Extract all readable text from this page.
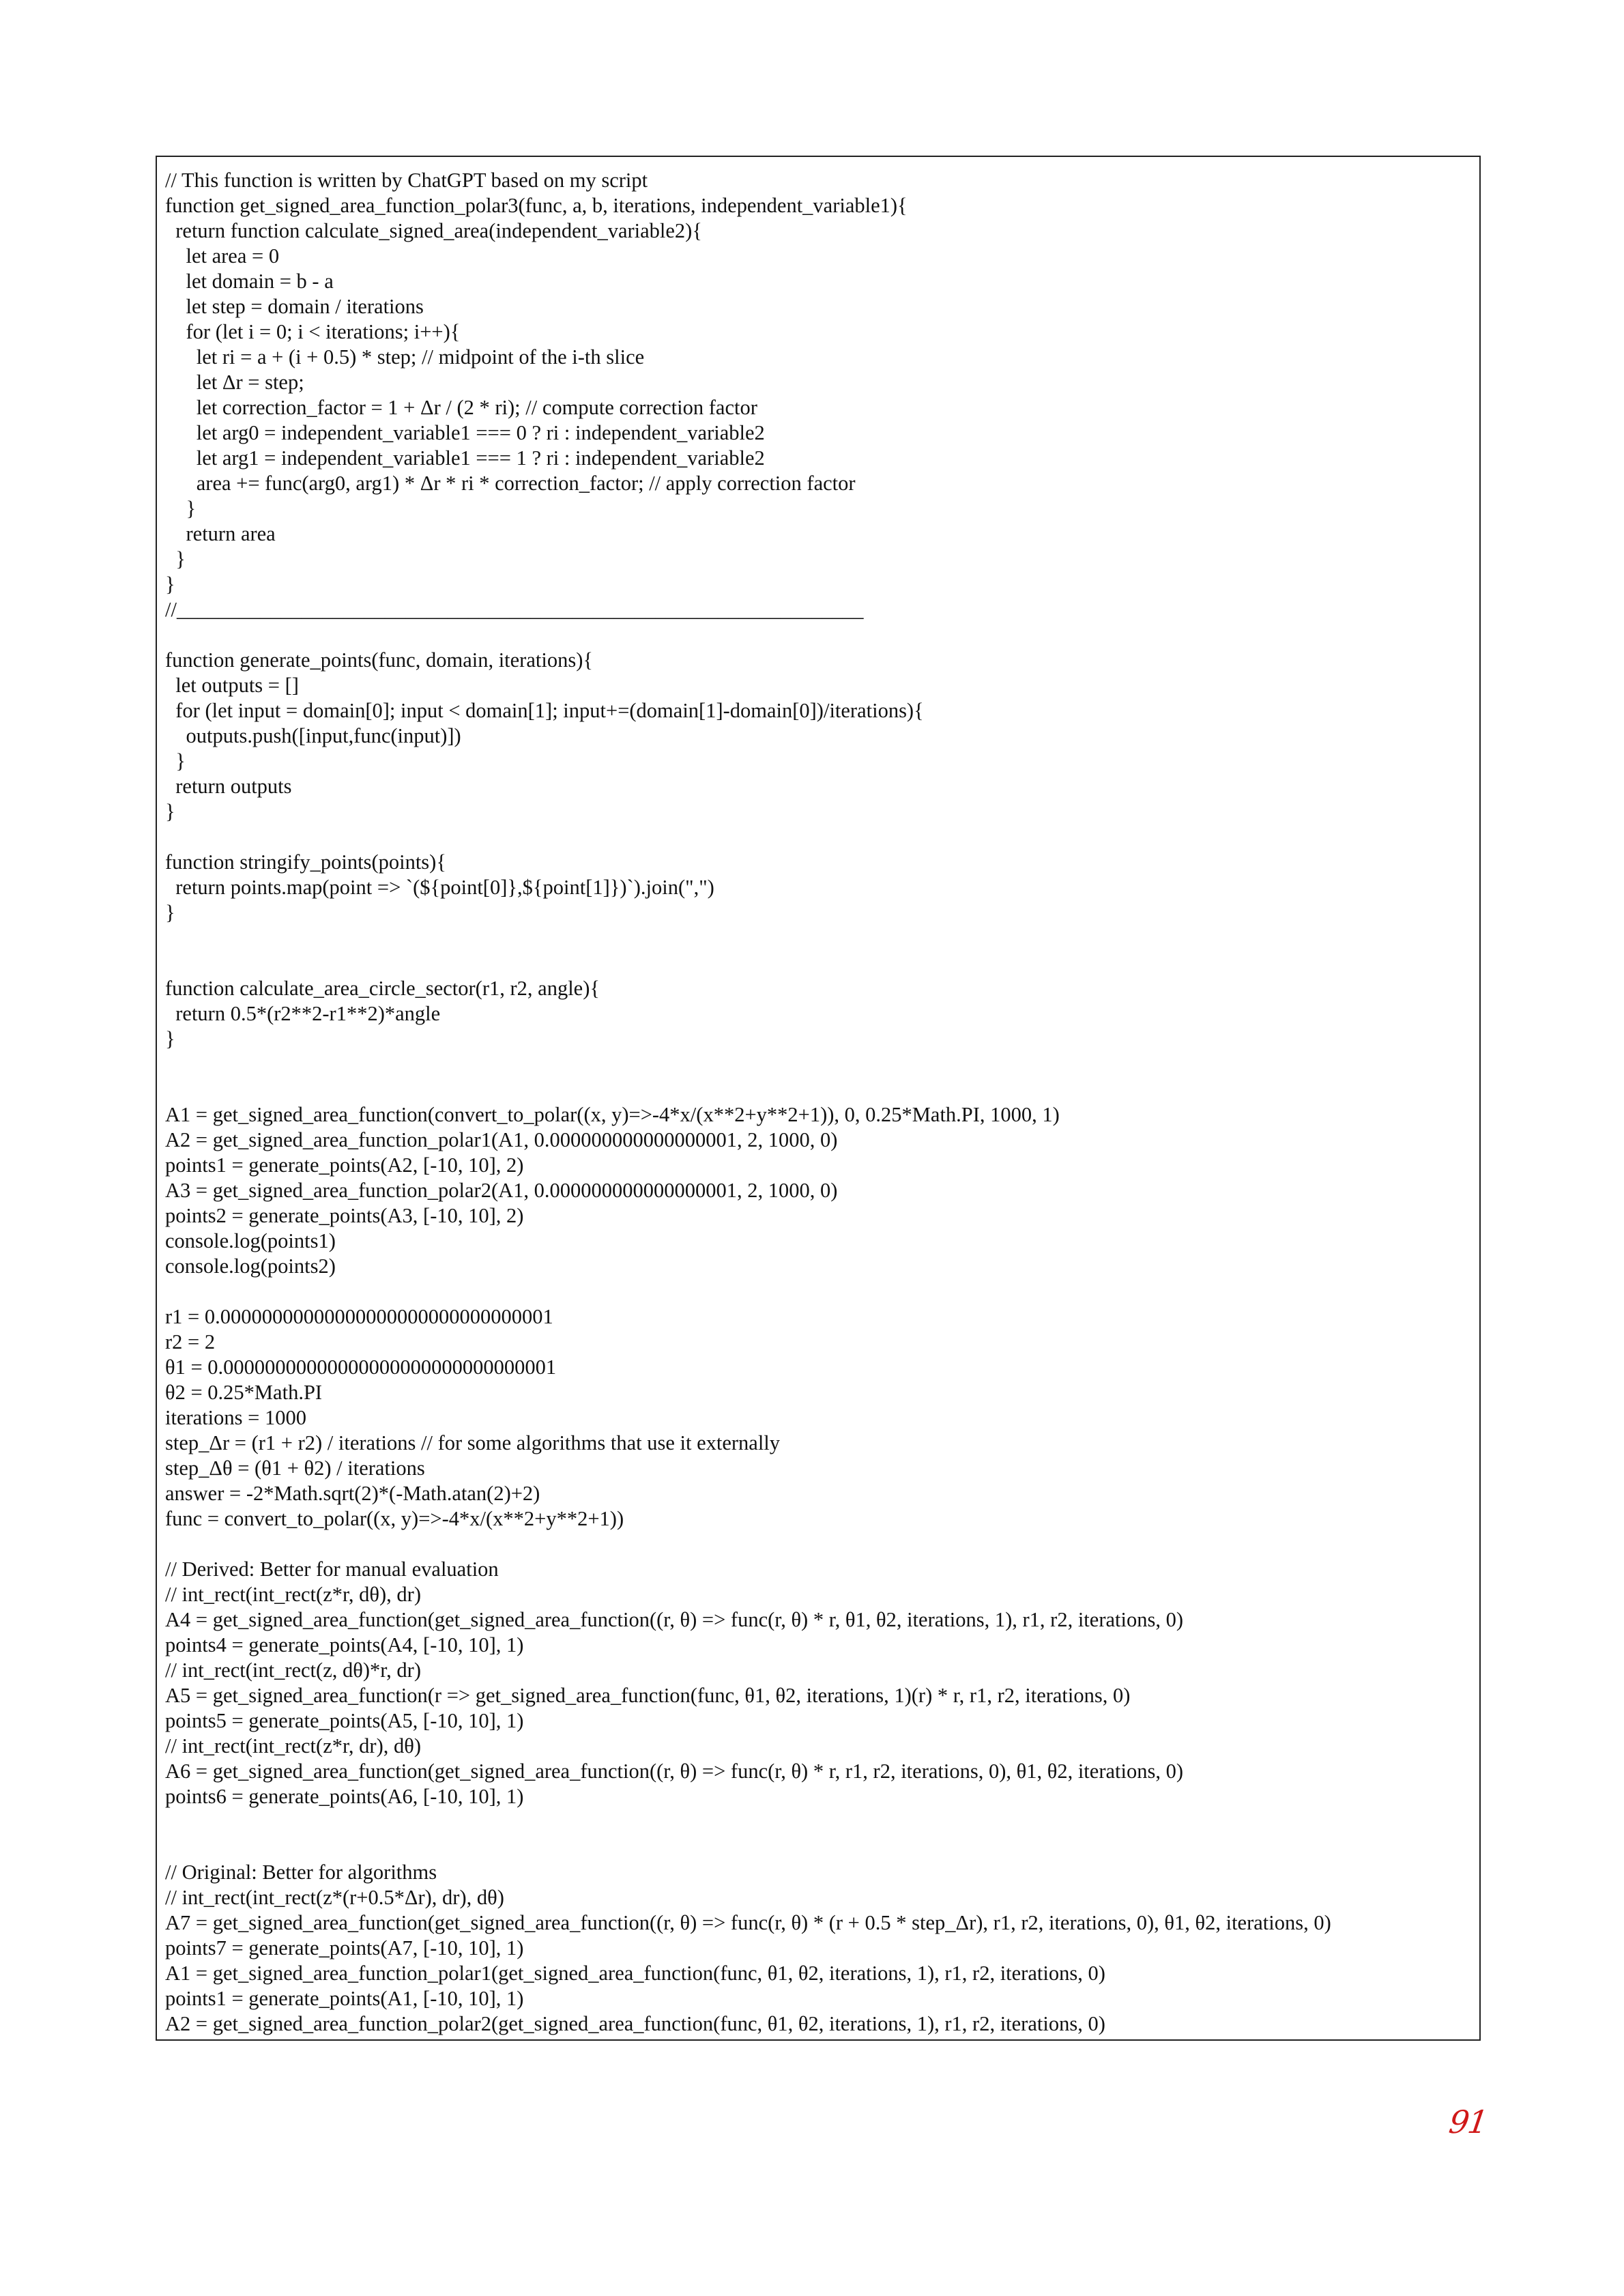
// This function is written by ChatGPT based on my script
function get_signed_area_function_polar3(func, a, b, iterations, independent_variable1){
return function calculate_signed_area(independent_variable2){
let area = 0
let domain = b - a
let step = domain / iterations
for (let i = 0; i < iterations; i++){
let ri = a + (i + 0.5) * step; // midpoint of the i-th slice
let Δr = step;
let correction_factor = 1 + Δr / (2 * ri); // compute correction factor
let arg0 = independent_variable1 === 0 ? ri : independent_variable2
let arg1 = independent_variable1 === 1 ? ri : independent_variable2
area += func(arg0, arg1) * Δr * ri * correction_factor; // apply correction factor
}
return area
}
}
//__________________________________________________________________

function generate_points(func, domain, iterations){
let outputs = []
for (let input = domain[0]; input < domain[1]; input+=(domain[1]-domain[0])/iterations){
outputs.push([input,func(input)])
}
return outputs
}

function stringify_points(points){
return points.map(point => `(${point[0]},${point[1]})`).join(",")
}

function calculate_area_circle_sector(r1, r2, angle){
return 0.5*(r2**2-r1**2)*angle
}

A1 = get_signed_area_function(convert_to_polar((x, y)=>-4*x/(x**2+y**2+1)), 0, 0.25*Math.PI, 1000, 1)
A2 = get_signed_area_function_polar1(A1, 0.000000000000000001, 2, 1000, 0)
points1 = generate_points(A2, [-10, 10], 2)
A3 = get_signed_area_function_polar2(A1, 0.000000000000000001, 2, 1000, 0)
points2 = generate_points(A3, [-10, 10], 2)
console.log(points1)
console.log(points2)

r1 = 0.00000000000000000000000000000001
r2 = 2
θ1 = 0.00000000000000000000000000000001
θ2 = 0.25*Math.PI
iterations = 1000
step_Δr = (r1 + r2) / iterations // for some algorithms that use it externally
step_Δθ = (θ1 + θ2) / iterations
answer = -2*Math.sqrt(2)*(-Math.atan(2)+2)
func = convert_to_polar((x, y)=>-4*x/(x**2+y**2+1))

// Derived: Better for manual evaluation
// int_rect(int_rect(z*r, dθ), dr)
A4 = get_signed_area_function(get_signed_area_function((r, θ) => func(r, θ) * r, θ1, θ2, iterations, 1), r1, r2, iterations, 0)
points4 = generate_points(A4, [-10, 10], 1)
// int_rect(int_rect(z, dθ)*r, dr)
A5 = get_signed_area_function(r => get_signed_area_function(func, θ1, θ2, iterations, 1)(r) * r, r1, r2, iterations, 0)
points5 = generate_points(A5, [-10, 10], 1)
// int_rect(int_rect(z*r, dr), dθ)
A6 = get_signed_area_function(get_signed_area_function((r, θ) => func(r, θ) * r, r1, r2, iterations, 0), θ1, θ2, iterations, 0)
points6 = generate_points(A6, [-10, 10], 1)

// Original: Better for algorithms
// int_rect(int_rect(z*(r+0.5*Δr), dr), dθ)
A7 = get_signed_area_function(get_signed_area_function((r, θ) => func(r, θ) * (r + 0.5 * step_Δr), r1, r2, iterations, 0), θ1, θ2, iterations, 0)
points7 = generate_points(A7, [-10, 10], 1)
A1 = get_signed_area_function_polar1(get_signed_area_function(func, θ1, θ2, iterations, 1), r1, r2, iterations, 0)
points1 = generate_points(A1, [-10, 10], 1)
A2 = get_signed_area_function_polar2(get_signed_area_function(func, θ1, θ2, iterations, 1), r1, r2, iterations, 0)
91
